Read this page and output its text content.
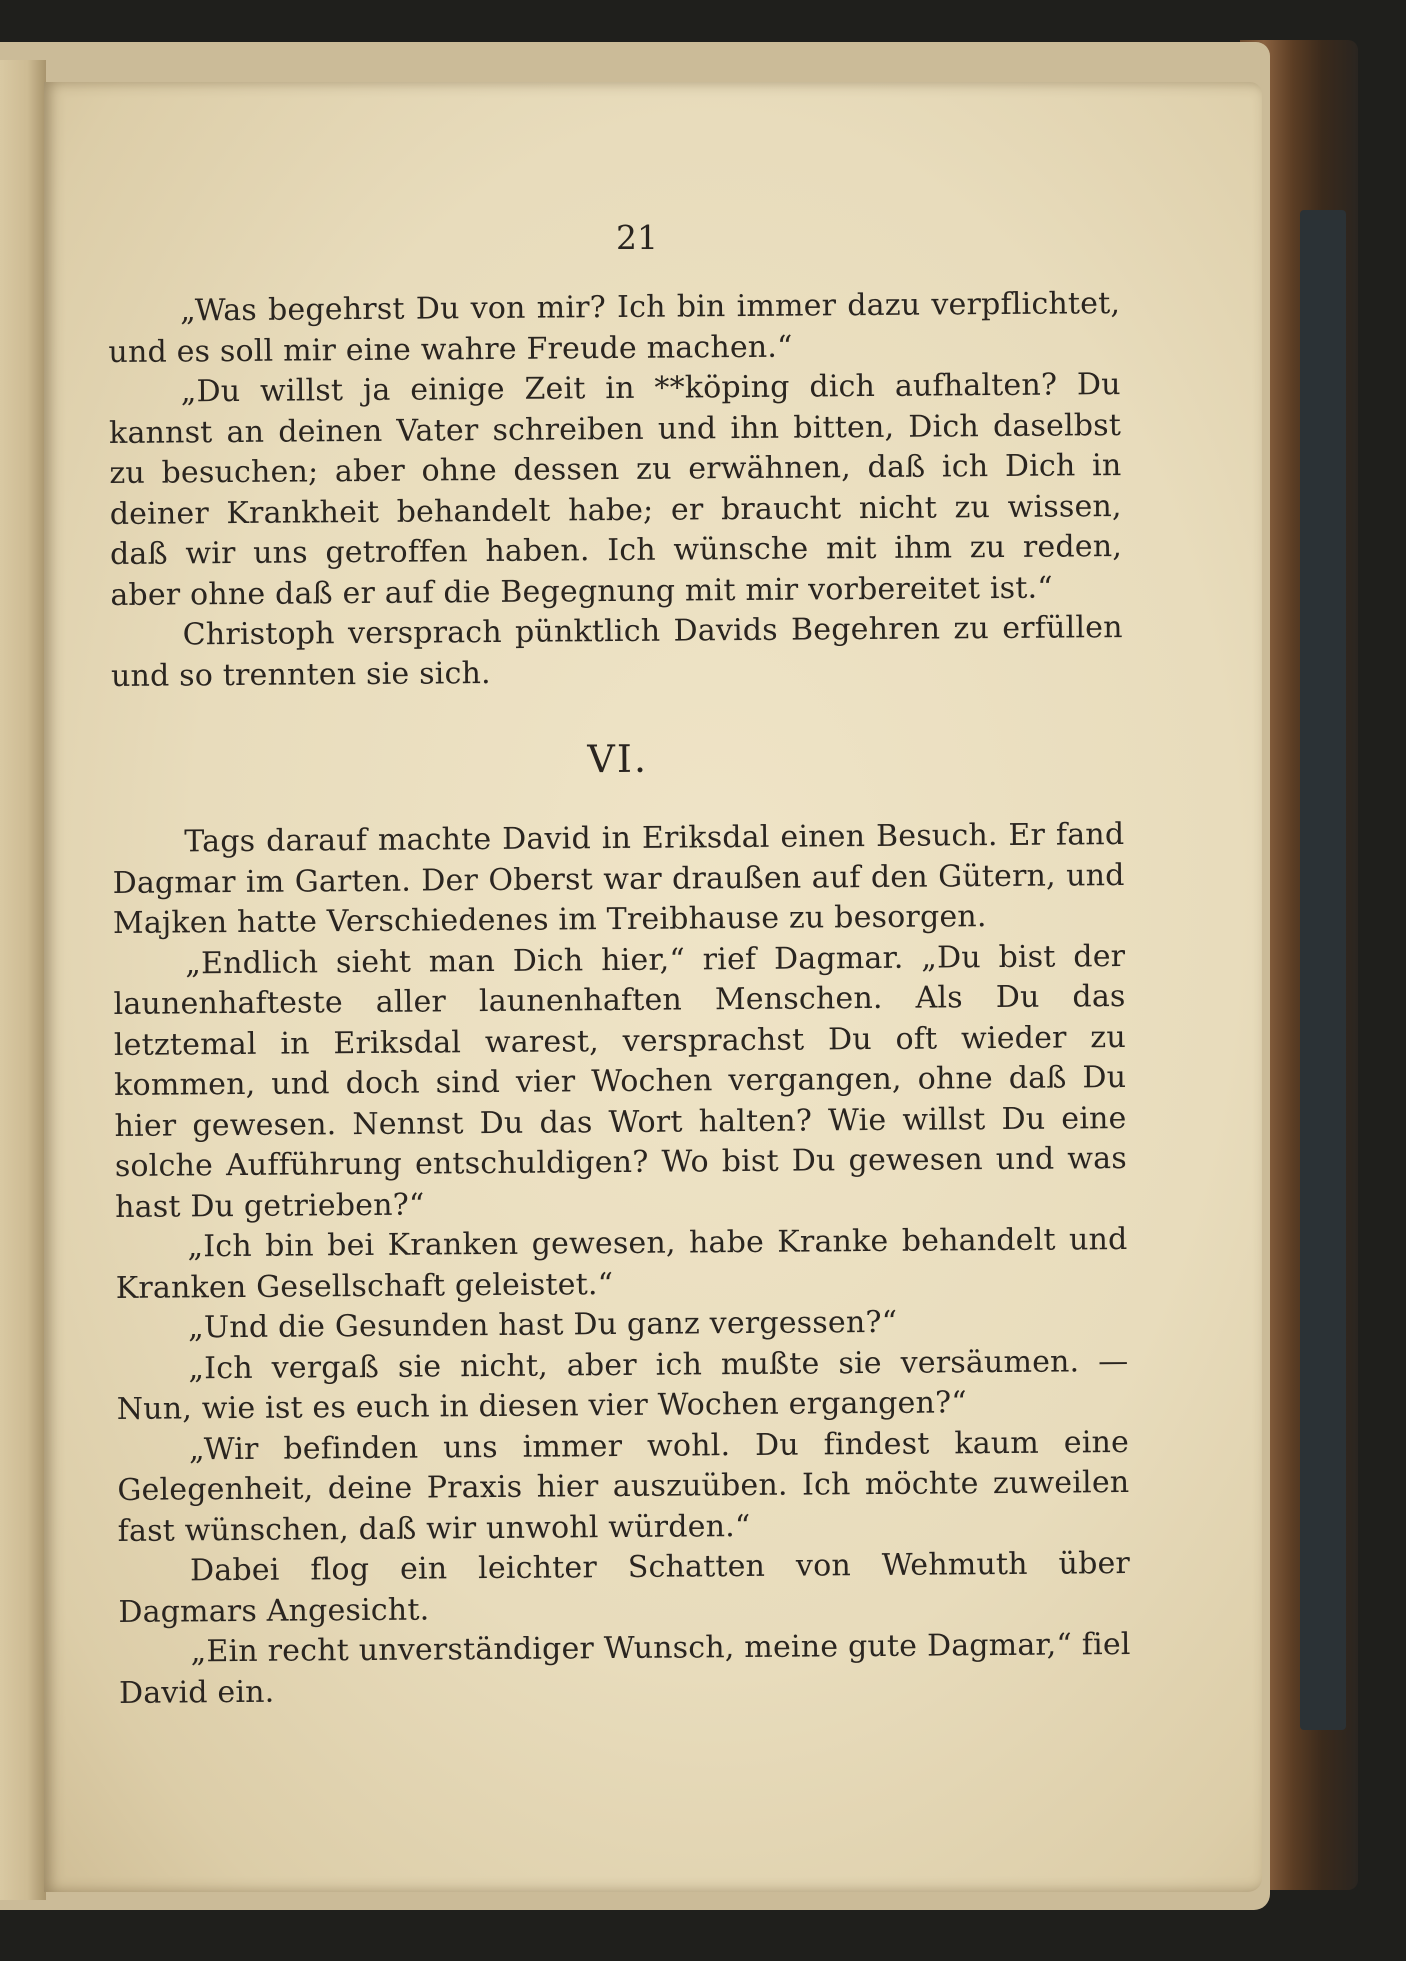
21

„Was begehrst Du von mir? Ich bin immer dazu verpflichtet, und es soll mir eine wahre Freude machen.“

„Du willst ja einige Zeit in **köping dich aufhalten? Du kannst an deinen Vater schreiben und ihn bitten, Dich daselbst zu besuchen; aber ohne dessen zu erwähnen, daß ich Dich in deiner Krankheit behandelt habe; er braucht nicht zu wissen, daß wir uns getroffen haben. Ich wünsche mit ihm zu reden, aber ohne daß er auf die Begegnung mit mir vorbereitet ist.“

Christoph versprach pünktlich Davids Begehren zu erfüllen und so trennten sie sich.

VI.

Tags darauf machte David in Eriksdal einen Besuch. Er fand Dagmar im Garten. Der Oberst war draußen auf den Gütern, und Majken hatte Verschiedenes im Treibhause zu besorgen.

„Endlich sieht man Dich hier,“ rief Dagmar. „Du bist der launenhafteste aller launenhaften Menschen. Als Du das letztemal in Eriksdal warest, versprachst Du oft wieder zu kommen, und doch sind vier Wochen vergangen, ohne daß Du hier gewesen. Nennst Du das Wort halten? Wie willst Du eine solche Aufführung entschuldigen? Wo bist Du gewesen und was hast Du getrieben?“

„Ich bin bei Kranken gewesen, habe Kranke behandelt und Kranken Gesellschaft geleistet.“

„Und die Gesunden hast Du ganz vergessen?“

„Ich vergaß sie nicht, aber ich mußte sie versäumen. — Nun, wie ist es euch in diesen vier Wochen ergangen?“

„Wir befinden uns immer wohl. Du findest kaum eine Gelegenheit, deine Praxis hier auszuüben. Ich möchte zuweilen fast wünschen, daß wir unwohl würden.“

Dabei flog ein leichter Schatten von Wehmuth über Dagmars Angesicht.

„Ein recht unverständiger Wunsch, meine gute Dagmar,“ fiel David ein.
